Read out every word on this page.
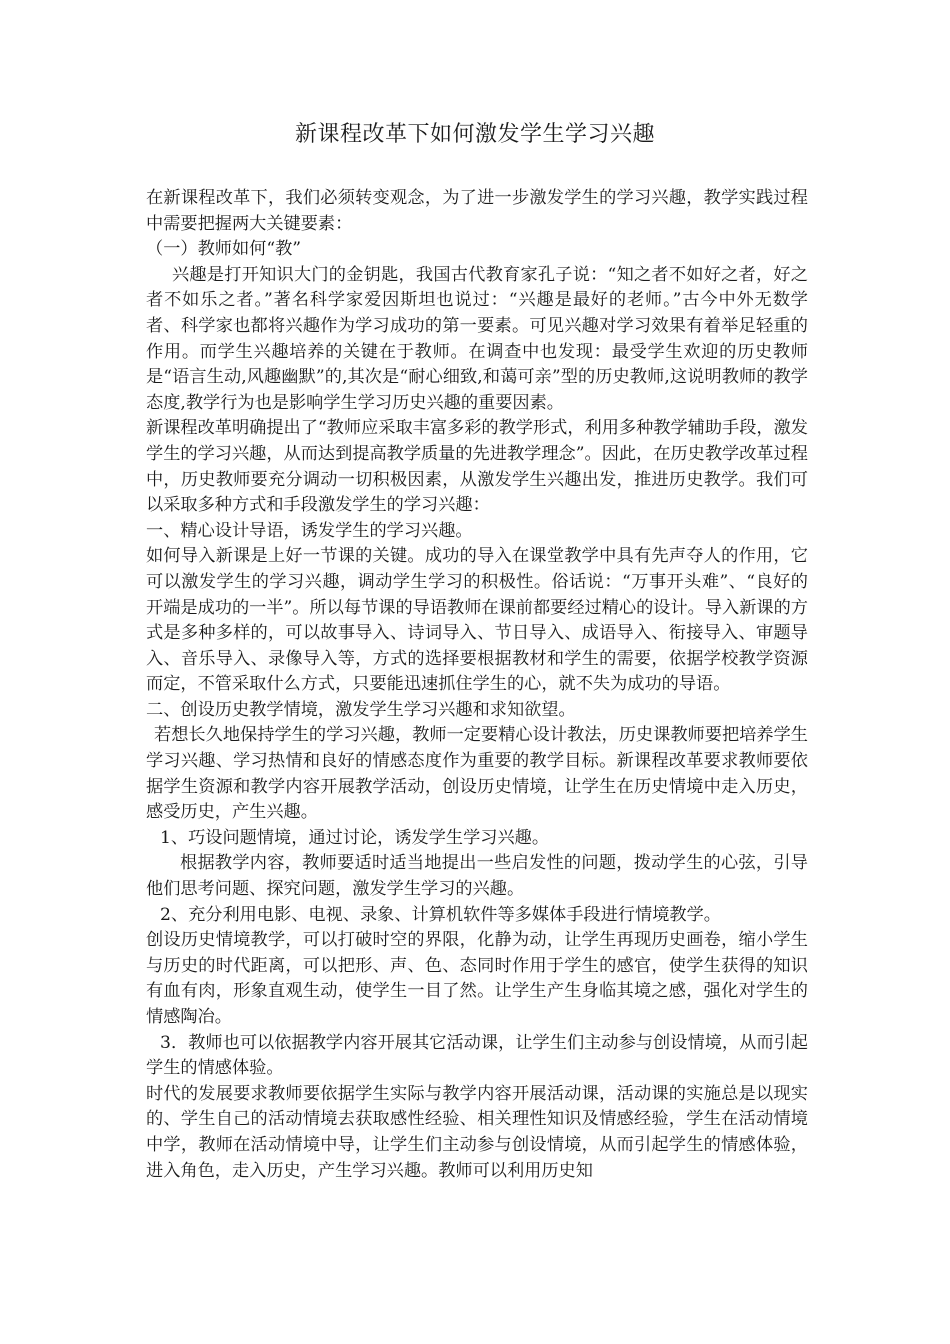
新课程改革下如何激发学生学习兴趣

在新课程改革下，我们必须转变观念，为了进一步激发学生的学习兴趣，教学实践过程中需要把握两大关键要素：

（一）教师如何“教”

兴趣是打开知识大门的金钥匙，我国古代教育家孔子说：“知之者不如好之者，好之者不如乐之者。”著名科学家爱因斯坦也说过：“兴趣是最好的老师。”古今中外无数学者、科学家也都将兴趣作为学习成功的第一要素。可见兴趣对学习效果有着举足轻重的作用。而学生兴趣培养的关键在于教师。在调查中也发现：最受学生欢迎的历史教师是“语言生动,风趣幽默”的,其次是“耐心细致,和蔼可亲”型的历史教师,这说明教师的教学态度,教学行为也是影响学生学习历史兴趣的重要因素。

新课程改革明确提出了“教师应采取丰富多彩的教学形式，利用多种教学辅助手段，激发学生的学习兴趣，从而达到提高教学质量的先进教学理念”。因此，在历史教学改革过程中，历史教师要充分调动一切积极因素，从激发学生兴趣出发，推进历史教学。我们可以采取多种方式和手段激发学生的学习兴趣：

一、精心设计导语，诱发学生的学习兴趣。

如何导入新课是上好一节课的关键。成功的导入在课堂教学中具有先声夺人的作用，它可以激发学生的学习兴趣，调动学生学习的积极性。俗话说：“万事开头难”、“良好的开端是成功的一半”。所以每节课的导语教师在课前都要经过精心的设计。导入新课的方式是多种多样的，可以故事导入、诗词导入、节日导入、成语导入、衔接导入、审题导入、音乐导入、录像导入等，方式的选择要根据教材和学生的需要，依据学校教学资源而定，不管采取什么方式，只要能迅速抓住学生的心，就不失为成功的导语。

二、创设历史教学情境，激发学生学习兴趣和求知欲望。

若想长久地保持学生的学习兴趣，教师一定要精心设计教法，历史课教师要把培养学生学习兴趣、学习热情和良好的情感态度作为重要的教学目标。新课程改革要求教师要依据学生资源和教学内容开展教学活动，创设历史情境，让学生在历史情境中走入历史，感受历史，产生兴趣。

1、巧设问题情境，通过讨论，诱发学生学习兴趣。

根据教学内容，教师要适时适当地提出一些启发性的问题，拨动学生的心弦，引导他们思考问题、探究问题，激发学生学习的兴趣。

2、充分利用电影、电视、录象、计算机软件等多媒体手段进行情境教学。

创设历史情境教学，可以打破时空的界限，化静为动，让学生再现历史画卷，缩小学生与历史的时代距离，可以把形、声、色、态同时作用于学生的感官，使学生获得的知识有血有肉，形象直观生动，使学生一目了然。让学生产生身临其境之感，强化对学生的情感陶冶。

3．教师也可以依据教学内容开展其它活动课，让学生们主动参与创设情境，从而引起学生的情感体验。

时代的发展要求教师要依据学生实际与教学内容开展活动课，活动课的实施总是以现实的、学生自己的活动情境去获取感性经验、相关理性知识及情感经验，学生在活动情境中学，教师在活动情境中导，让学生们主动参与创设情境，从而引起学生的情感体验，进入角色，走入历史，产生学习兴趣。教师可以利用历史知
